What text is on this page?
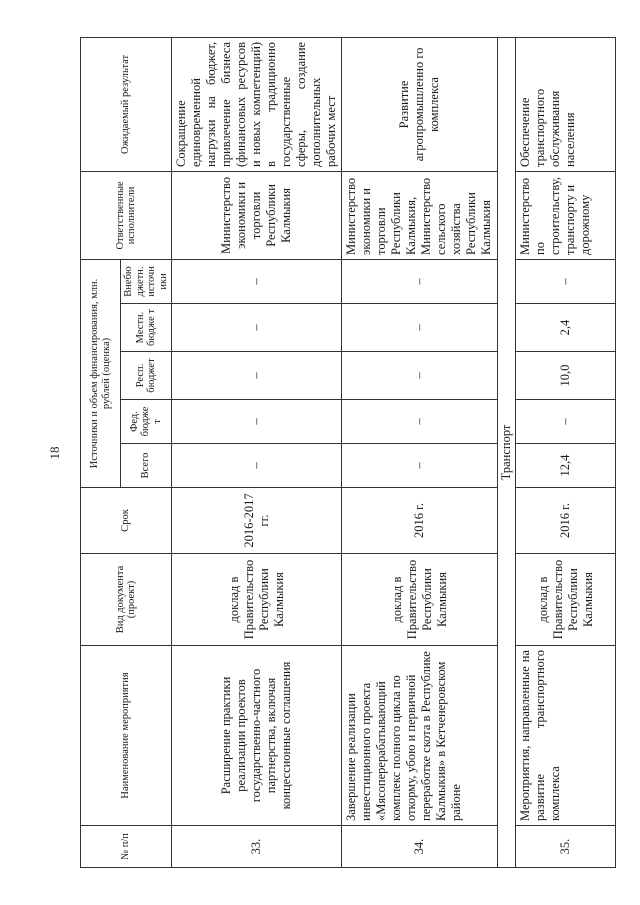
18
№ п/п	Наименование мероприятия	Вид документа (проект)	Срок	Источники и объем финансирования, млн. рублей (оценка)					Ответственные исполнители	Ожидаемый результат
				Всего	Фед. бюдже т	Респ. бюджет	Местн. бюдже т	Внебю джетн. источн ики		
33.	Расширение практики реализации проектов государственно-частного партнерства, включая концессионные соглашения	доклад в Правительство Республики Калмыкия	2016-2017 гг.	–	–	–	–	–	Министерство экономики и торговли Республики Калмыкия	Сокращение единовременной нагрузки на бюджет, привлечение бизнеса (финансовых ресурсов и новых компетенций) в традиционно государственные сферы, создание дополнительных рабочих мест
34.	Завершение реализации инвестиционного проекта «Мясоперерабатывающий комплекс полного цикла по откорму, убою и первичной переработке скота в Республике Калмыкия» в Кетченеровском районе	доклад в Правительство Республики Калмыкия	2016 г.	–	–	–	–	–	Министерство экономики и торговли Республики Калмыкия, Министерство сельского хозяйства Республики Калмыкия	Развитие агропромышленно го комплекса
Транспорт										
35.	Мероприятия, направленные на развитие транспортного комплекса	доклад в Правительство Республики Калмыкия	2016 г.	12,4	–	10,0	2,4	–	Министерство по строительству, транспорту и дорожному	Обеспечение транспортного обслуживания населения
